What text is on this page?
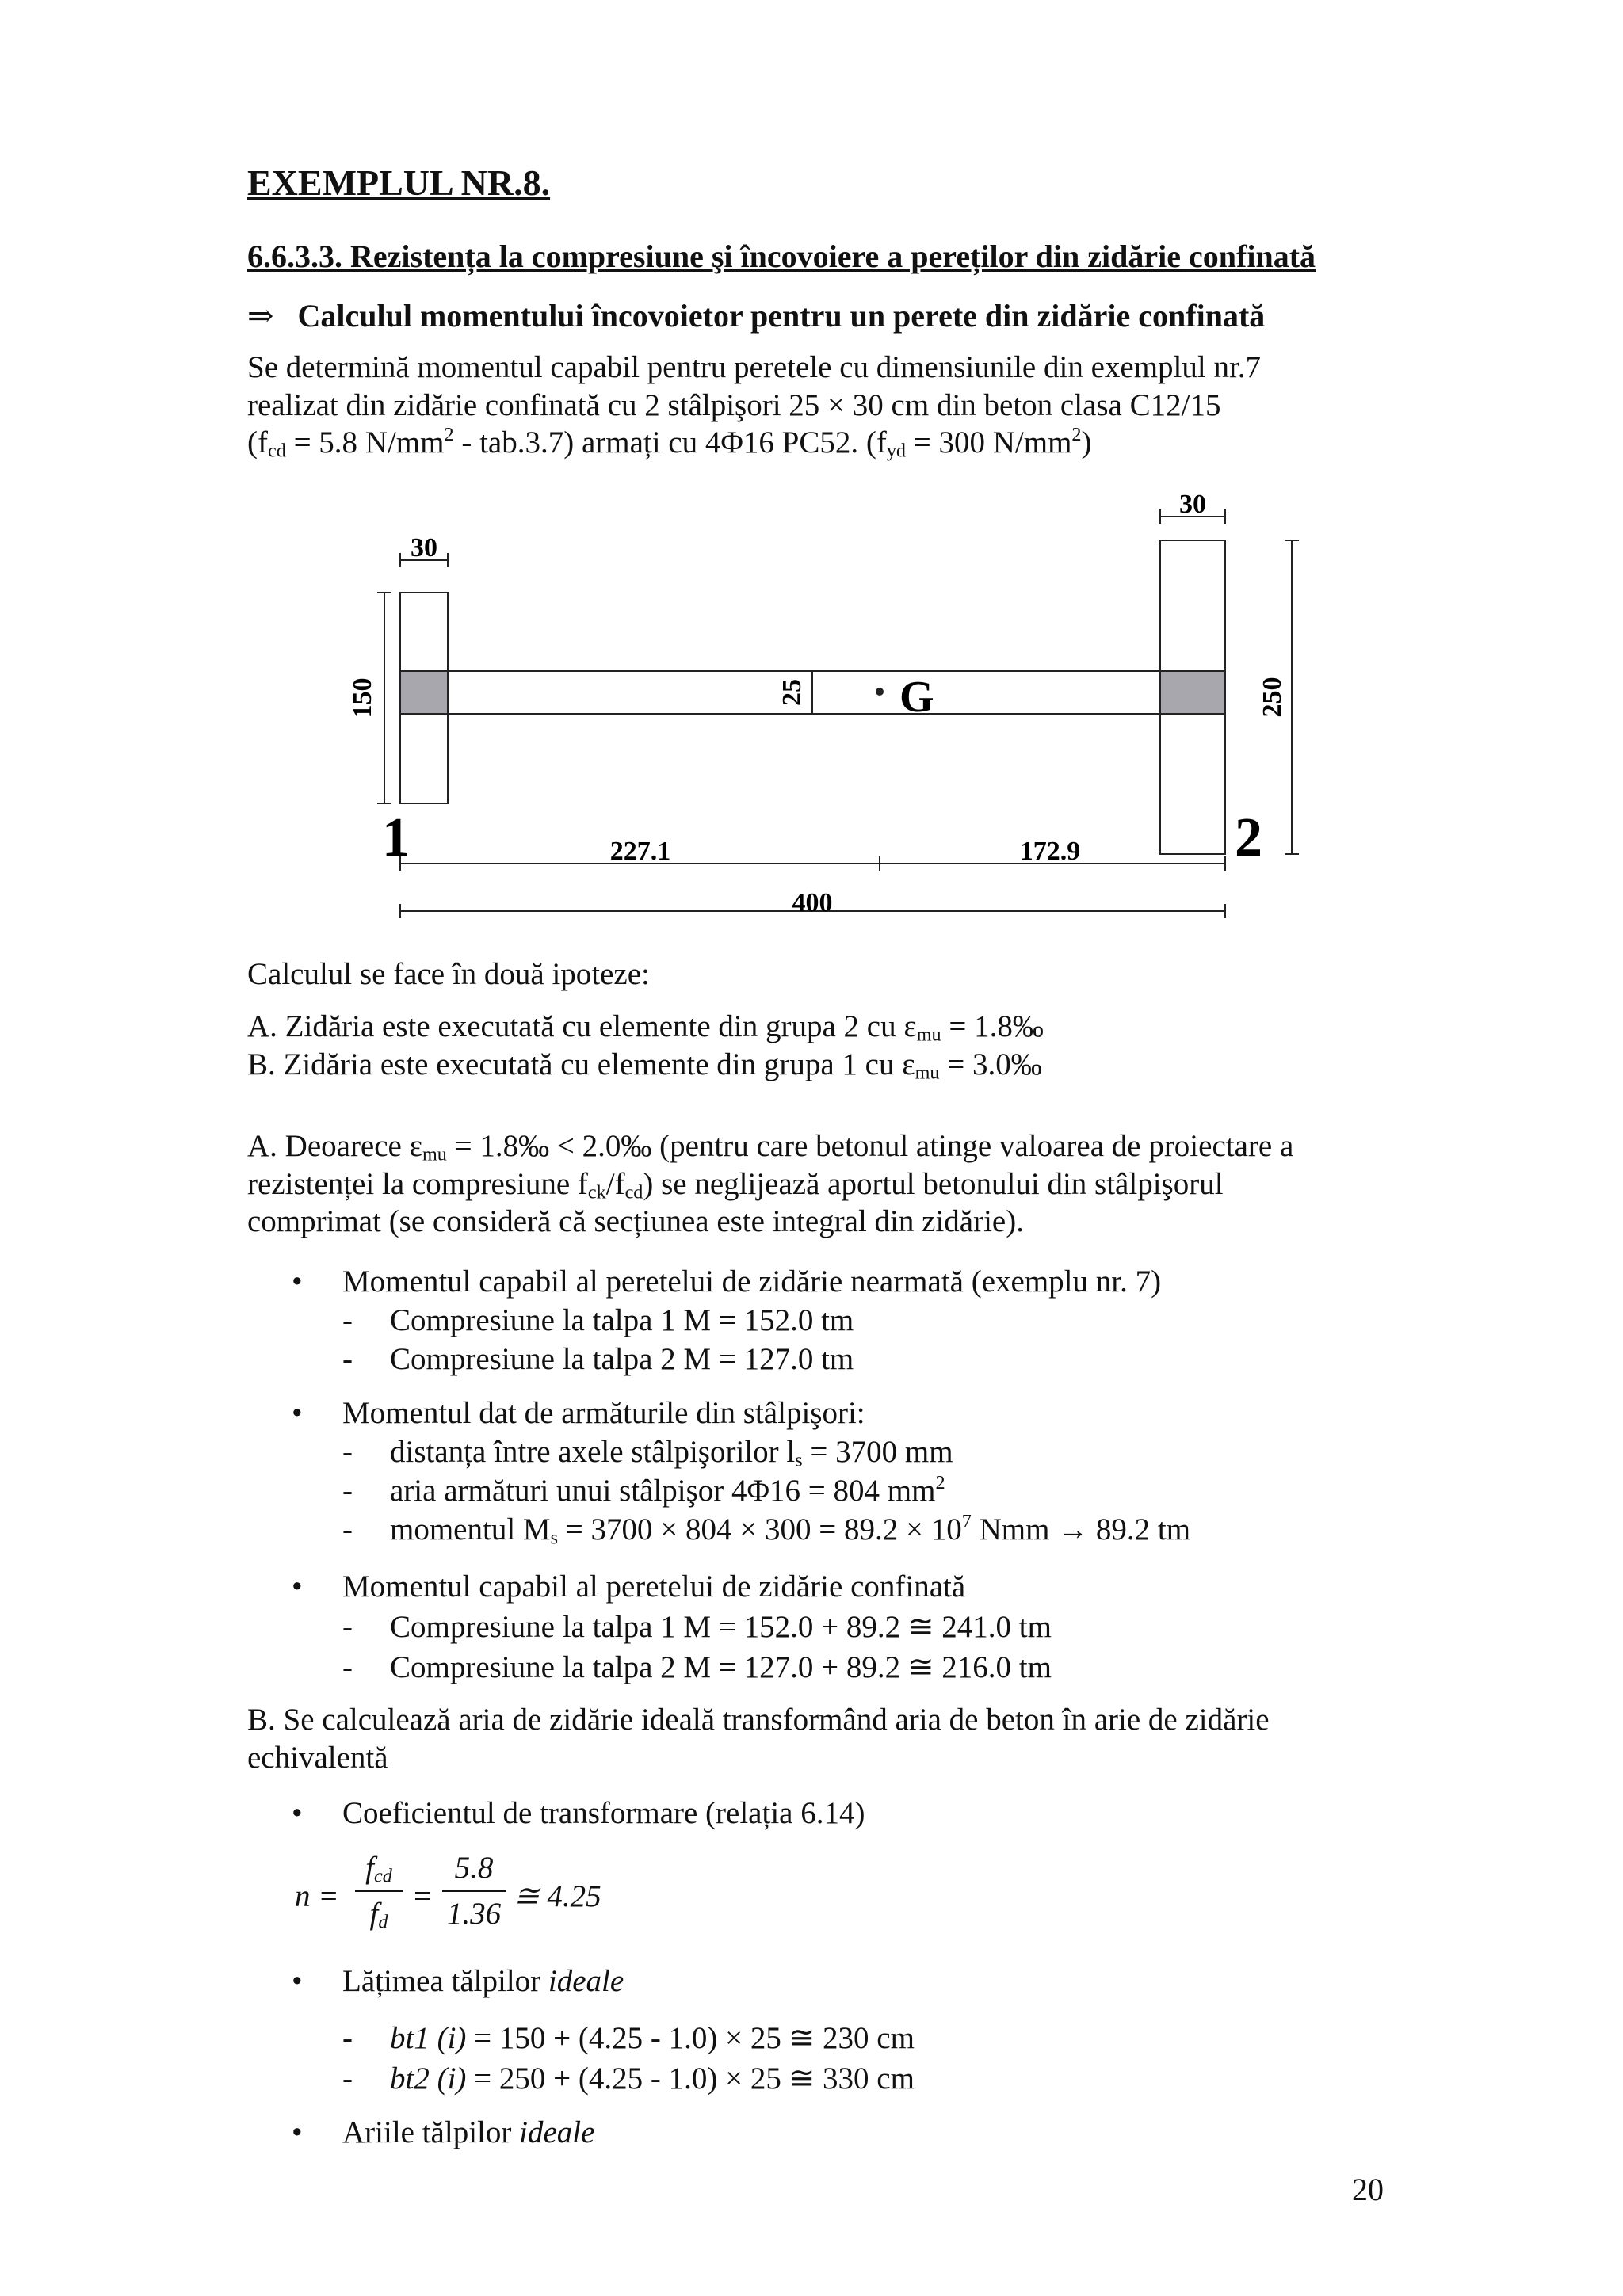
EXEMPLUL NR.8.
6.6.3.3. Rezistența la compresiune şi încovoiere a pereților din zidărie confinată
⇒ Calculul momentului încovoietor pentru un perete din zidărie confinată
Se determină momentul capabil pentru peretele cu dimensiunile din exemplul nr.7
realizat din zidărie confinată cu 2 stâlpişori 25 × 30 cm din beton clasa C12/15
($f_{cd} = 5.8$ $N/mm^2 - tab.3.7$) armați cu 4Φ16 PC52. ($f_{yd} = 300$ $N/mm^2$)
30
30
150	250
25 G
1	2
227.1	172.9
400
Calculul se face în două ipoteze:
A. Zidăria este executată cu elemente din grupa 2 cu $\varepsilon_{mu}$ = 1.8‰
B. Zidăria este executată cu elemente din grupa 1 cu $\varepsilon_{mu}$ = 3.0‰
A. Deoarece $\varepsilon_{mu}$ = 1.8‰ < 2.0‰ (pentru care betonul atinge valoarea de proiectare a
rezistenței la compresiune $f_{ck}/f_{cd}$) se neglijează aportul betonului din stâlpişorul
comprimat (se consideră că secțiunea este integral din zidărie).
• Momentul capabil al peretelui de zidărie nearmată (exemplu nr. 7)
- Compresiune la talpa 1 M = 152.0 tm
- Compresiune la talpa 2 M = 127.0 tm
• Momentul dat de armăturile din stâlpişori:
- distanța între axele stâlpişorilor $l_s = 3700$ mm
- aria armături unui stâlpişor 4Φ16 = 804 $mm^2$
- momentul $M_s = 3700 \times 804 \times 300 = 89.2 \times 10^7$ Nmm → 89.2 tm
• Momentul capabil al peretelui de zidărie confinată
- Compresiune la talpa 1 M = 152.0 + 89.2 ≅ 241.0 tm
- Compresiune la talpa 2 M = 127.0 + 89.2 ≅ 216.0 tm
B. Se calculează aria de zidărie ideală transformând aria de beton în arie de zidărie
echivalentă
• Coeficientul de transformare (relația 6.14)
n =
$f_{cd}$
$f_d$
=
5.8
1.36
≅ 4.25
• Lățimea tălpilor ideale
- bt1 (i) = 150 + (4.25 - 1.0) × 25 ≅ 230 cm
- bt2 (i) = 250 + (4.25 - 1.0) × 25 ≅ 330 cm
• Ariile tălpilor ideale
20
